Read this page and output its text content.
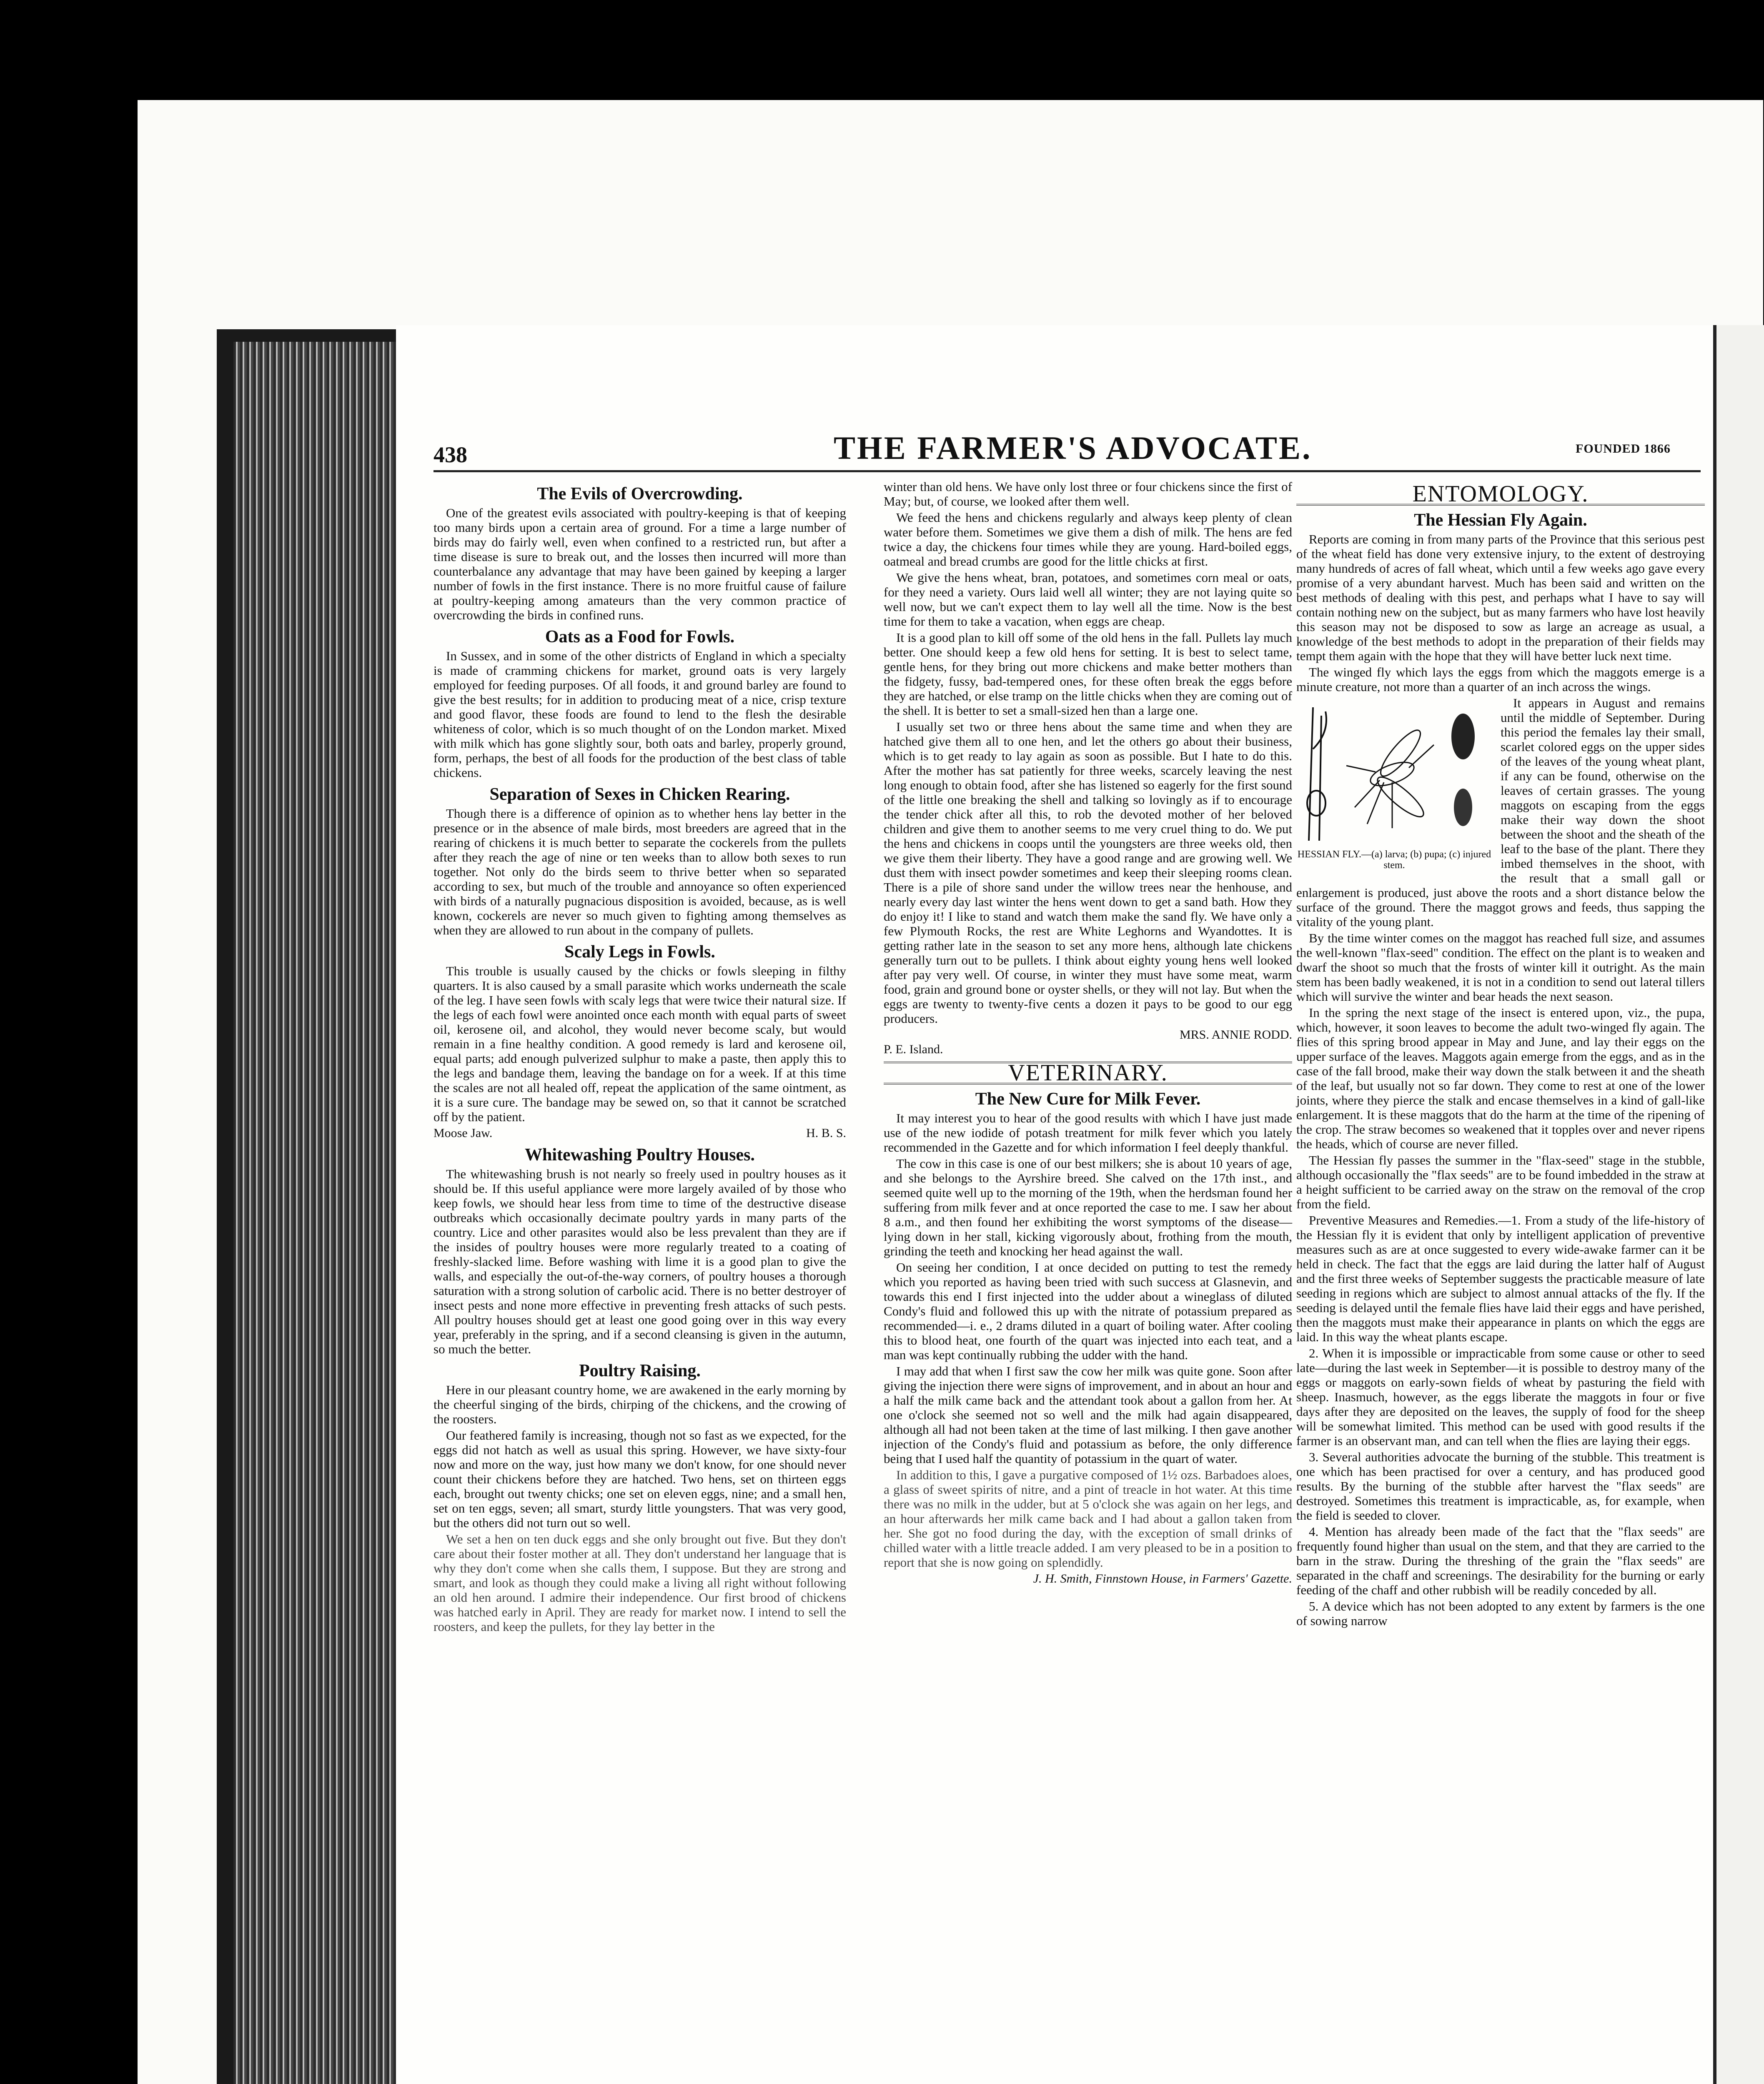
438	THE FARMER'S ADVOCATE.	FOUNDED 1866
The Evils of Overcrowding.

One of the greatest evils associated with poultry-keeping is that of keeping too many birds upon a certain area of ground. For a time a large number of birds may do fairly well, even when confined to a restricted run, but after a time disease is sure to break out, and the losses then incurred will more than counterbalance any advantage that may have been gained by keeping a larger number of fowls in the first instance. There is no more fruitful cause of failure at poultry-keeping among amateurs than the very common practice of overcrowding the birds in confined runs.

Oats as a Food for Fowls.

In Sussex, and in some of the other districts of England in which a specialty is made of cramming chickens for market, ground oats is very largely employed for feeding purposes. Of all foods, it and ground barley are found to give the best results; for in addition to producing meat of a nice, crisp texture and good flavor, these foods are found to lend to the flesh the desirable whiteness of color, which is so much thought of on the London market. Mixed with milk which has gone slightly sour, both oats and barley, properly ground, form, perhaps, the best of all foods for the production of the best class of table chickens.

Separation of Sexes in Chicken Rearing.

Though there is a difference of opinion as to whether hens lay better in the presence or in the absence of male birds, most breeders are agreed that in the rearing of chickens it is much better to separate the cockerels from the pullets after they reach the age of nine or ten weeks than to allow both sexes to run together. Not only do the birds seem to thrive better when so separated according to sex, but much of the trouble and annoyance so often experienced with birds of a naturally pugnacious disposition is avoided, because, as is well known, cockerels are never so much given to fighting among themselves as when they are allowed to run about in the company of pullets.

Scaly Legs in Fowls.

This trouble is usually caused by the chicks or fowls sleeping in filthy quarters. It is also caused by a small parasite which works underneath the scale of the leg. I have seen fowls with scaly legs that were twice their natural size. If the legs of each fowl were anointed once each month with equal parts of sweet oil, kerosene oil, and alcohol, they would never become scaly, but would remain in a fine healthy condition. A good remedy is lard and kerosene oil, equal parts; add enough pulverized sulphur to make a paste, then apply this to the legs and bandage them, leaving the bandage on for a week. If at this time the scales are not all healed off, repeat the application of the same ointment, as it is a sure cure. The bandage may be sewed on, so that it cannot be scratched off by the patient.

Moose Jaw.	H. B. S.
Whitewashing Poultry Houses.

The whitewashing brush is not nearly so freely used in poultry houses as it should be. If this useful appliance were more largely availed of by those who keep fowls, we should hear less from time to time of the destructive disease outbreaks which occasionally decimate poultry yards in many parts of the country. Lice and other parasites would also be less prevalent than they are if the insides of poultry houses were more regularly treated to a coating of freshly-slacked lime. Before washing with lime it is a good plan to give the walls, and especially the out-of-the-way corners, of poultry houses a thorough saturation with a strong solution of carbolic acid. There is no better destroyer of insect pests and none more effective in preventing fresh attacks of such pests. All poultry houses should get at least one good going over in this way every year, preferably in the spring, and if a second cleansing is given in the autumn, so much the better.

Poultry Raising.

Here in our pleasant country home, we are awakened in the early morning by the cheerful singing of the birds, chirping of the chickens, and the crowing of the roosters.

Our feathered family is increasing, though not so fast as we expected, for the eggs did not hatch as well as usual this spring. However, we have sixty-four now and more on the way, just how many we don't know, for one should never count their chickens before they are hatched. Two hens, set on thirteen eggs each, brought out twenty chicks; one set on eleven eggs, nine; and a small hen, set on ten eggs, seven; all smart, sturdy little youngsters. That was very good, but the others did not turn out so well.

We set a hen on ten duck eggs and she only brought out five. But they don't care about their foster mother at all. They don't understand her language that is why they don't come when she calls them, I suppose. But they are strong and smart, and look as though they could make a living all right without following an old hen around. I admire their independence. Our first brood of chickens was hatched early in April. They are ready for market now. I intend to sell the roosters, and keep the pullets, for they lay better in the

winter than old hens. We have only lost three or four chickens since the first of May; but, of course, we looked after them well.

We feed the hens and chickens regularly and always keep plenty of clean water before them. Sometimes we give them a dish of milk. The hens are fed twice a day, the chickens four times while they are young. Hard-boiled eggs, oatmeal and bread crumbs are good for the little chicks at first.

We give the hens wheat, bran, potatoes, and sometimes corn meal or oats, for they need a variety. Ours laid well all winter; they are not laying quite so well now, but we can't expect them to lay well all the time. Now is the best time for them to take a vacation, when eggs are cheap.

It is a good plan to kill off some of the old hens in the fall. Pullets lay much better. One should keep a few old hens for setting. It is best to select tame, gentle hens, for they bring out more chickens and make better mothers than the fidgety, fussy, bad-tempered ones, for these often break the eggs before they are hatched, or else tramp on the little chicks when they are coming out of the shell. It is better to set a small-sized hen than a large one.

I usually set two or three hens about the same time and when they are hatched give them all to one hen, and let the others go about their business, which is to get ready to lay again as soon as possible. But I hate to do this. After the mother has sat patiently for three weeks, scarcely leaving the nest long enough to obtain food, after she has listened so eagerly for the first sound of the little one breaking the shell and talking so lovingly as if to encourage the tender chick after all this, to rob the devoted mother of her beloved children and give them to another seems to me very cruel thing to do. We put the hens and chickens in coops until the youngsters are three weeks old, then we give them their liberty. They have a good range and are growing well. We dust them with insect powder sometimes and keep their sleeping rooms clean. There is a pile of shore sand under the willow trees near the henhouse, and nearly every day last winter the hens went down to get a sand bath. How they do enjoy it! I like to stand and watch them make the sand fly. We have only a few Plymouth Rocks, the rest are White Leghorns and Wyandottes. It is getting rather late in the season to set any more hens, although late chickens generally turn out to be pullets. I think about eighty young hens well looked after pay very well. Of course, in winter they must have some meat, warm food, grain and ground bone or oyster shells, or they will not lay. But when the eggs are twenty to twenty-five cents a dozen it pays to be good to our egg producers.

MRS. ANNIE RODD.
P. E. Island.
VETERINARY.
The New Cure for Milk Fever.

It may interest you to hear of the good results with which I have just made use of the new iodide of potash treatment for milk fever which you lately recommended in the Gazette and for which information I feel deeply thankful.

The cow in this case is one of our best milkers; she is about 10 years of age, and she belongs to the Ayrshire breed. She calved on the 17th inst., and seemed quite well up to the morning of the 19th, when the herdsman found her suffering from milk fever and at once reported the case to me. I saw her about 8 a.m., and then found her exhibiting the worst symptoms of the disease—lying down in her stall, kicking vigorously about, frothing from the mouth, grinding the teeth and knocking her head against the wall.

On seeing her condition, I at once decided on putting to test the remedy which you reported as having been tried with such success at Glasnevin, and towards this end I first injected into the udder about a wineglass of diluted Condy's fluid and followed this up with the nitrate of potassium prepared as recommended—i. e., 2 drams diluted in a quart of boiling water. After cooling this to blood heat, one fourth of the quart was injected into each teat, and a man was kept continually rubbing the udder with the hand.

I may add that when I first saw the cow her milk was quite gone. Soon after giving the injection there were signs of improvement, and in about an hour and a half the milk came back and the attendant took about a gallon from her. At one o'clock she seemed not so well and the milk had again disappeared, although all had not been taken at the time of last milking. I then gave another injection of the Condy's fluid and potassium as before, the only difference being that I used half the quantity of potassium in the quart of water.

In addition to this, I gave a purgative composed of 1½ ozs. Barbadoes aloes, a glass of sweet spirits of nitre, and a pint of treacle in hot water. At this time there was no milk in the udder, but at 5 o'clock she was again on her legs, and an hour afterwards her milk came back and I had about a gallon taken from her. She got no food during the day, with the exception of small drinks of chilled water with a little treacle added. I am very pleased to be in a position to report that she is now going on splendidly.

J. H. Smith, Finnstown House, in Farmers' Gazette.
ENTOMOLOGY.
The Hessian Fly Again.

Reports are coming in from many parts of the Province that this serious pest of the wheat field has done very extensive injury, to the extent of destroying many hundreds of acres of fall wheat, which until a few weeks ago gave every promise of a very abundant harvest. Much has been said and written on the best methods of dealing with this pest, and perhaps what I have to say will contain nothing new on the subject, but as many farmers who have lost heavily this season may not be disposed to sow as large an acreage as usual, a knowledge of the best methods to adopt in the preparation of their fields may tempt them again with the hope that they will have better luck next time.

The winged fly which lays the eggs from which the maggots emerge is a minute creature, not more than a quarter of an inch across the wings.

HESSIAN FLY.—(a) larva; (b) pupa; (c) injured stem.

It appears in August and remains until the middle of September. During this period the females lay their small, scarlet colored eggs on the upper sides of the leaves of the young wheat plant, if any can be found, otherwise on the leaves of certain grasses. The young maggots on escaping from the eggs make their way down the shoot between the shoot and the sheath of the leaf to the base of the plant. There they imbed themselves in the shoot, with the result that a small gall or enlargement is produced, just above the roots and a short distance below the surface of the ground. There the maggot grows and feeds, thus sapping the vitality of the young plant.

By the time winter comes on the maggot has reached full size, and assumes the well-known "flax-seed" condition. The effect on the plant is to weaken and dwarf the shoot so much that the frosts of winter kill it outright. As the main stem has been badly weakened, it is not in a condition to send out lateral tillers which will survive the winter and bear heads the next season.

In the spring the next stage of the insect is entered upon, viz., the pupa, which, however, it soon leaves to become the adult two-winged fly again. The flies of this spring brood appear in May and June, and lay their eggs on the upper surface of the leaves. Maggots again emerge from the eggs, and as in the case of the fall brood, make their way down the stalk between it and the sheath of the leaf, but usually not so far down. They come to rest at one of the lower joints, where they pierce the stalk and encase themselves in a kind of gall-like enlargement. It is these maggots that do the harm at the time of the ripening of the crop. The straw becomes so weakened that it topples over and never ripens the heads, which of course are never filled.

The Hessian fly passes the summer in the "flax-seed" stage in the stubble, although occasionally the "flax seeds" are to be found imbedded in the straw at a height sufficient to be carried away on the straw on the removal of the crop from the field.

Preventive Measures and Remedies.—1. From a study of the life-history of the Hessian fly it is evident that only by intelligent application of preventive measures such as are at once suggested to every wide-awake farmer can it be held in check. The fact that the eggs are laid during the latter half of August and the first three weeks of September suggests the practicable measure of late seeding in regions which are subject to almost annual attacks of the fly. If the seeding is delayed until the female flies have laid their eggs and have perished, then the maggots must make their appearance in plants on which the eggs are laid. In this way the wheat plants escape.

2. When it is impossible or impracticable from some cause or other to seed late—during the last week in September—it is possible to destroy many of the eggs or maggots on early-sown fields of wheat by pasturing the field with sheep. Inasmuch, however, as the eggs liberate the maggots in four or five days after they are deposited on the leaves, the supply of food for the sheep will be somewhat limited. This method can be used with good results if the farmer is an observant man, and can tell when the flies are laying their eggs.

3. Several authorities advocate the burning of the stubble. This treatment is one which has been practised for over a century, and has produced good results. By the burning of the stubble after harvest the "flax seeds" are destroyed. Sometimes this treatment is impracticable, as, for example, when the field is seeded to clover.

4. Mention has already been made of the fact that the "flax seeds" are frequently found higher than usual on the stem, and that they are carried to the barn in the straw. During the threshing of the grain the "flax seeds" are separated in the chaff and screenings. The desirability for the burning or early feeding of the chaff and other rubbish will be readily conceded by all.

5. A device which has not been adopted to any extent by farmers is the one of sowing narrow
